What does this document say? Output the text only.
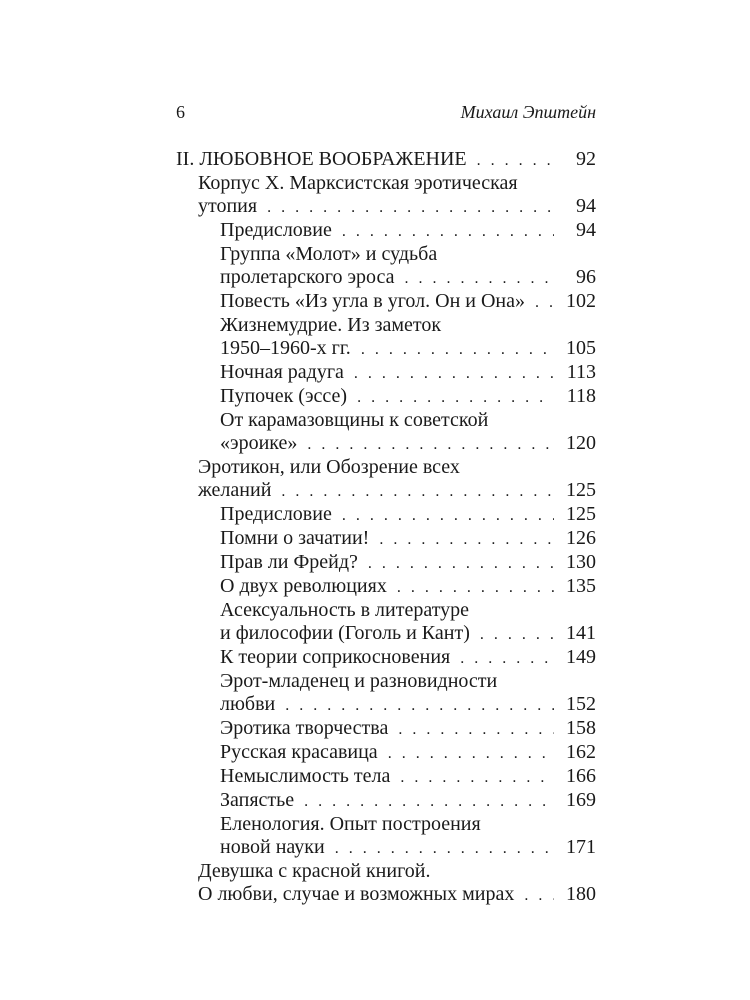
6	Михаил Эпштейн
II. ЛЮБОВНОЕ ВООБРАЖЕНИЕ . . .	92
Корпус X. Марксистская эротическая
утопия . . .	94
Предисловие . . .	94
Группа «Молот» и судьба
пролетарского эроса . . .	96
Повесть «Из угла в угол. Он и Она» . . . 102
Жизнемудрие. Из заметок
1950–1960-х гг. . . .	105
Ночная радуга . . .	113
Пупочек (эссе) . . .	118
От карамазовщины к советской
«эроике» . . .	120
Эротикон, или Обозрение всех
желаний . . .	125
Предисловие . . .	125
Помни о зачатии! . . .	126
Прав ли Фрейд? . . .	130
О двух революциях . . .	135
Асексуальность в литературе
и философии (Гоголь и Кант) . . .	141
К теории соприкосновения . . .	149
Эрот-младенец и разновидности
любви . . .	152
Эротика творчества . . .	158
Русская красавица . . .	162
Немыслимость тела . . .	166
Запястье . . .	169
Еленология. Опыт построения
новой науки . . .	171
Девушка с красной книгой.
О любви, случае и возможных мирах . . .	180
